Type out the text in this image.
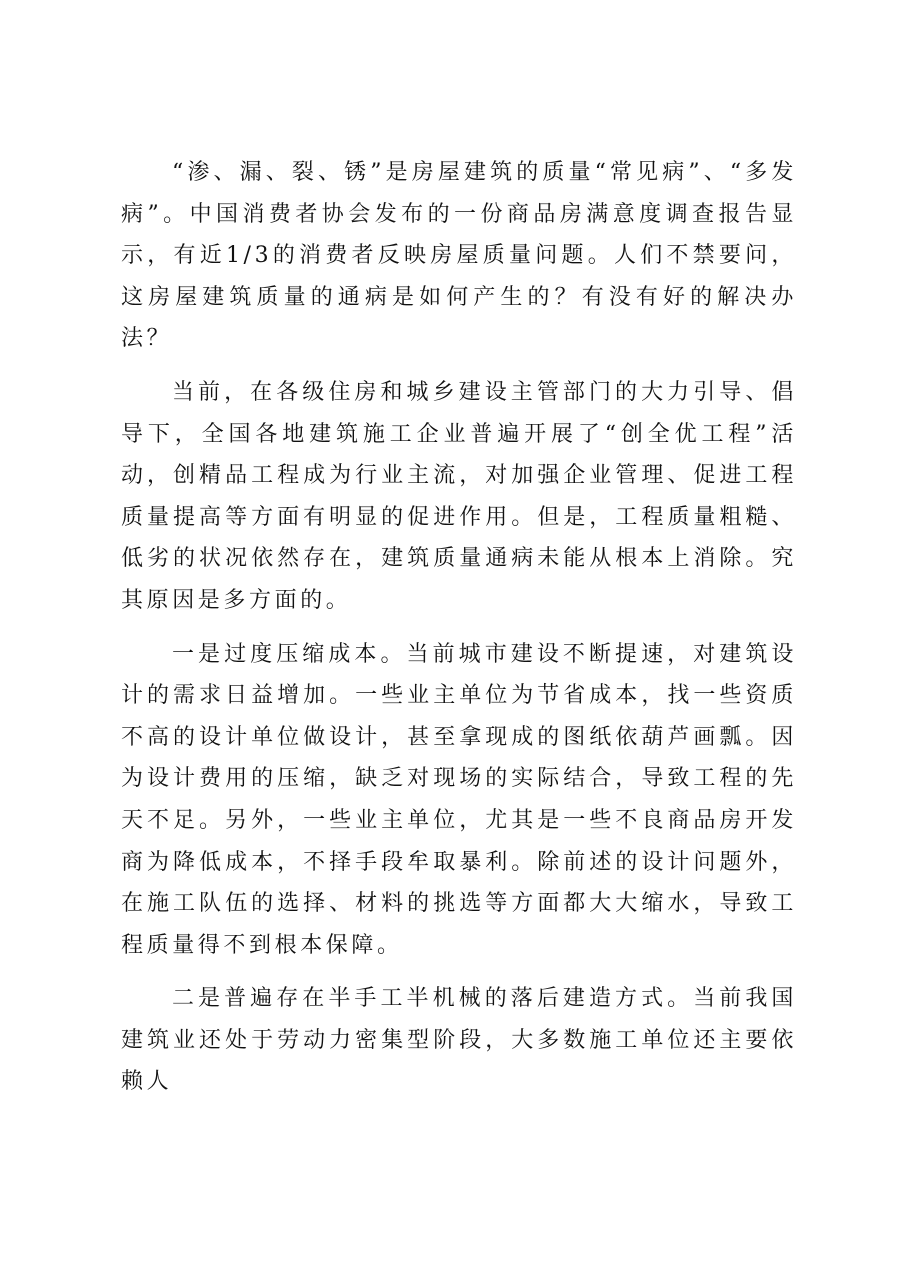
“渗、漏、裂、锈”是房屋建筑的质量“常见病”、“多发病”。中国消费者协会发布的一份商品房满意度调查报告显示，有近1/3的消费者反映房屋质量问题。人们不禁要问，这房屋建筑质量的通病是如何产生的？有没有好的解决办法？

当前，在各级住房和城乡建设主管部门的大力引导、倡导下，全国各地建筑施工企业普遍开展了“创全优工程”活动，创精品工程成为行业主流，对加强企业管理、促进工程质量提高等方面有明显的促进作用。但是，工程质量粗糙、低劣的状况依然存在，建筑质量通病未能从根本上消除。究其原因是多方面的。

一是过度压缩成本。当前城市建设不断提速，对建筑设计的需求日益增加。一些业主单位为节省成本，找一些资质不高的设计单位做设计，甚至拿现成的图纸依葫芦画瓢。因为设计费用的压缩，缺乏对现场的实际结合，导致工程的先天不足。另外，一些业主单位，尤其是一些不良商品房开发商为降低成本，不择手段牟取暴利。除前述的设计问题外，在施工队伍的选择、材料的挑选等方面都大大缩水，导致工程质量得不到根本保障。

二是普遍存在半手工半机械的落后建造方式。当前我国建筑业还处于劳动力密集型阶段，大多数施工单位还主要依赖人
